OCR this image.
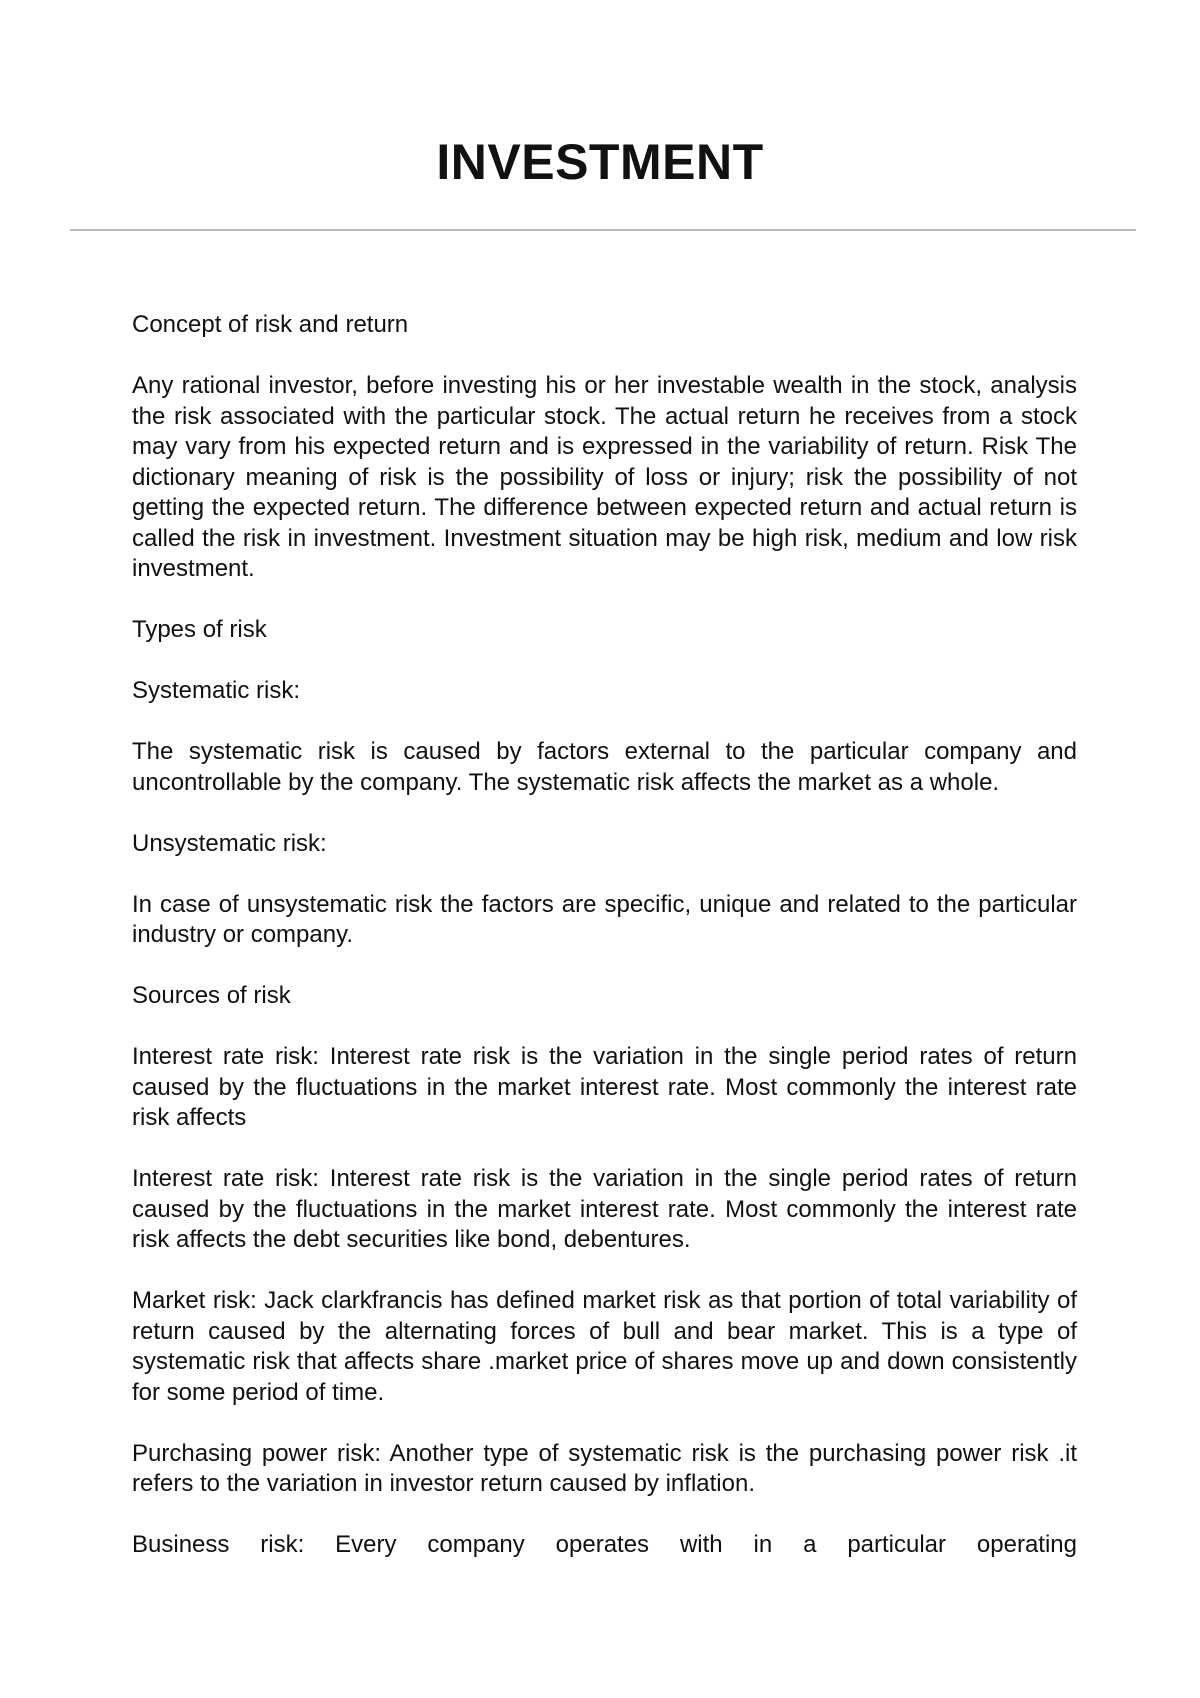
INVESTMENT

Concept of risk and return

Any rational investor, before investing his or her investable wealth in the stock, analysis the risk associated with the particular stock. The actual return he receives from a stock may vary from his expected return and is expressed in the variability of return. Risk The dictionary meaning of risk is the possibility of loss or injury; risk the possibility of not getting the expected return. The difference between expected return and actual return is called the risk in investment. Investment situation may be high risk, medium and low risk investment.

Types of risk

Systematic risk:

The systematic risk is caused by factors external to the particular company and uncontrollable by the company. The systematic risk affects the market as a whole.

Unsystematic risk:

In case of unsystematic risk the factors are specific, unique and related to the particular industry or company.

Sources of risk

Interest rate risk: Interest rate risk is the variation in the single period rates of return caused by the fluctuations in the market interest rate. Most commonly the interest rate risk affects

Interest rate risk: Interest rate risk is the variation in the single period rates of return caused by the fluctuations in the market interest rate. Most commonly the interest rate risk affects the debt securities like bond, debentures.

Market risk: Jack clarkfrancis has defined market risk as that portion of total variability of return caused by the alternating forces of bull and bear market. This is a type of systematic risk that affects share .market price of shares move up and down consistently for some period of time.

Purchasing power risk: Another type of systematic risk is the purchasing power risk .it refers to the variation in investor return caused by inflation.

Business risk: Every company operates with in a particular operating
